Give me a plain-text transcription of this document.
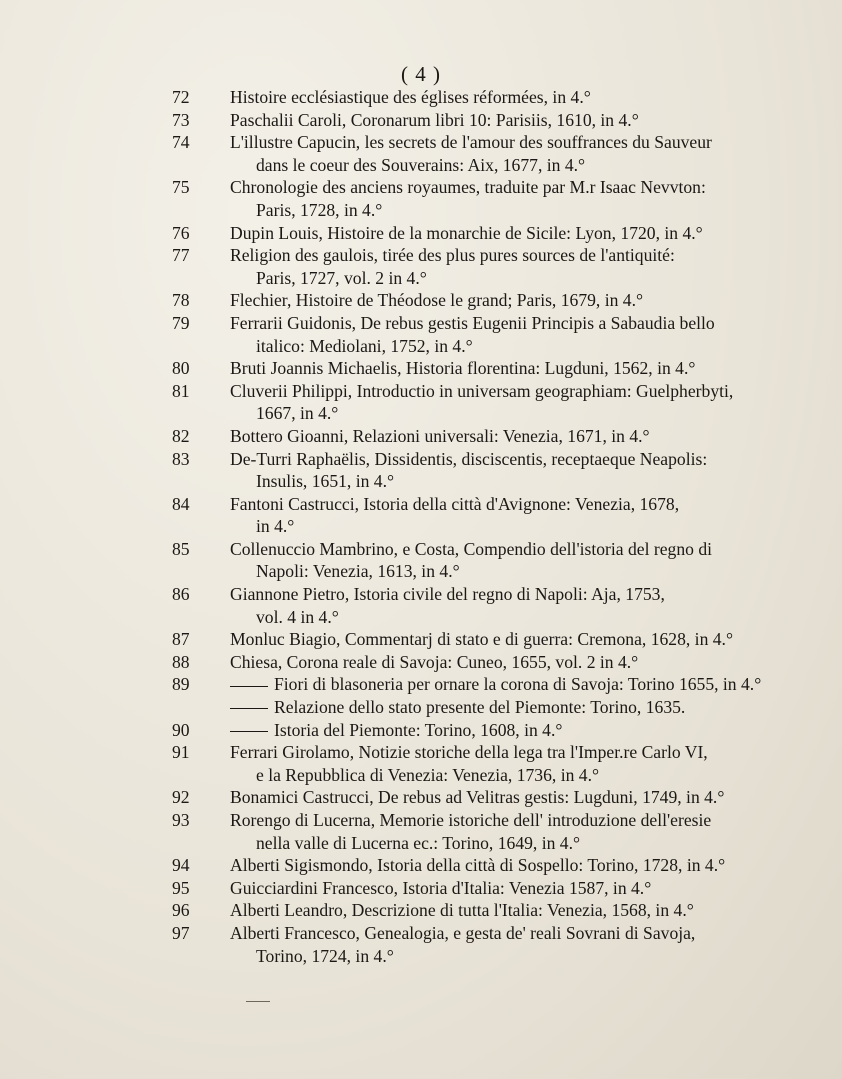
( 4 )
72	Histoire ecclésiastique des églises réformées, in 4.°
73	Paschalii Caroli, Coronarum libri 10: Parisiis, 1610, in 4.°
74	L'illustre Capucin, les secrets de l'amour des souffrances du Sauveur
dans le coeur des Souverains: Aix, 1677, in 4.°
75	Chronologie des anciens royaumes, traduite par M.r Isaac Nevvton:
Paris, 1728, in 4.°
76	Dupin Louis, Histoire de la monarchie de Sicile: Lyon, 1720, in 4.°
77	Religion des gaulois, tirée des plus pures sources de l'antiquité:
Paris, 1727, vol. 2 in 4.°
78	Flechier, Histoire de Théodose le grand; Paris, 1679, in 4.°
79	Ferrarii Guidonis, De rebus gestis Eugenii Principis a Sabaudia bello
italico: Mediolani, 1752, in 4.°
80	Bruti Joannis Michaelis, Historia florentina: Lugduni, 1562, in 4.°
81	Cluverii Philippi, Introductio in universam geographiam: Guelpherbyti,
1667, in 4.°
82	Bottero Gioanni, Relazioni universali: Venezia, 1671, in 4.°
83	De-Turri Raphaëlis, Dissidentis, disciscentis, receptaeque Neapolis:
Insulis, 1651, in 4.°
84	Fantoni Castrucci, Istoria della città d'Avignone: Venezia, 1678,
in 4.°
85	Collenuccio Mambrino, e Costa, Compendio dell'istoria del regno di
Napoli: Venezia, 1613, in 4.°
86	Giannone Pietro, Istoria civile del regno di Napoli: Aja, 1753,
vol. 4 in 4.°
87	Monluc Biagio, Commentarj di stato e di guerra: Cremona, 1628, in 4.°
88	Chiesa, Corona reale di Savoja: Cuneo, 1655, vol. 2 in 4.°
89	Fiori di blasoneria per ornare la corona di Savoja: Torino 1655, in 4.°
Relazione dello stato presente del Piemonte: Torino, 1635.
90	Istoria del Piemonte: Torino, 1608, in 4.°
91	Ferrari Girolamo, Notizie storiche della lega tra l'Imper.re Carlo VI,
e la Repubblica di Venezia: Venezia, 1736, in 4.°
92	Bonamici Castrucci, De rebus ad Velitras gestis: Lugduni, 1749, in 4.°
93	Rorengo di Lucerna, Memorie istoriche dell' introduzione dell'eresie
nella valle di Lucerna ec.: Torino, 1649, in 4.°
94	Alberti Sigismondo, Istoria della città di Sospello: Torino, 1728, in 4.°
95	Guicciardini Francesco, Istoria d'Italia: Venezia 1587, in 4.°
96	Alberti Leandro, Descrizione di tutta l'Italia: Venezia, 1568, in 4.°
97	Alberti Francesco, Genealogia, e gesta de' reali Sovrani di Savoja,
Torino, 1724, in 4.°
